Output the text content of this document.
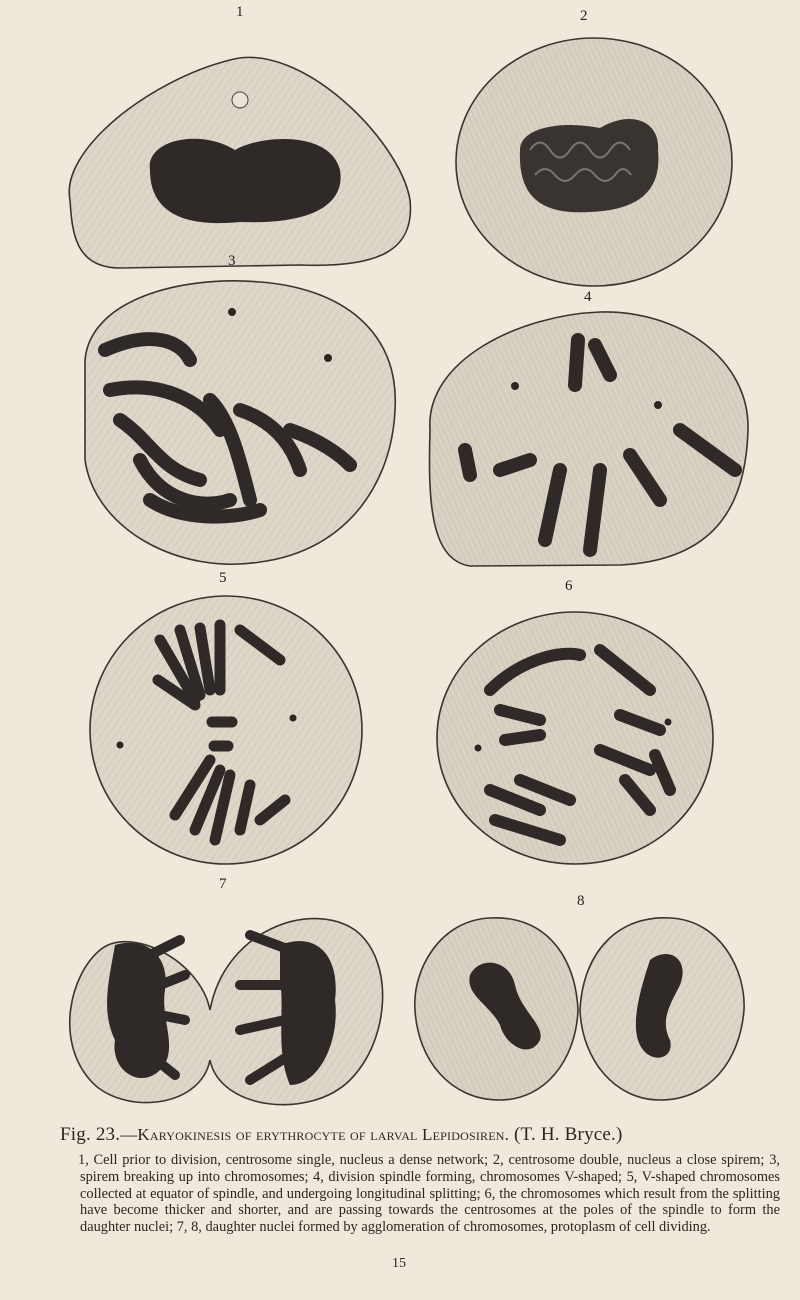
1	2
3
4
5	6
7
8
Fig. 23.—Karyokinesis of erythrocyte of larval Lepidosiren. (T. H. Bryce.)
1, Cell prior to division, centrosome single, nucleus a dense network; 2, centrosome double, nucleus a close spirem; 3, spirem breaking up into chromosomes; 4, division spindle forming, chromosomes V-shaped; 5, V-shaped chromosomes collected at equator of spindle, and undergoing longitudinal splitting; 6, the chromosomes which result from the splitting have become thicker and shorter, and are passing towards the centrosomes at the poles of the spindle to form the daughter nuclei; 7, 8, daughter nuclei formed by agglomeration of chromosomes, protoplasm of cell dividing.
15
